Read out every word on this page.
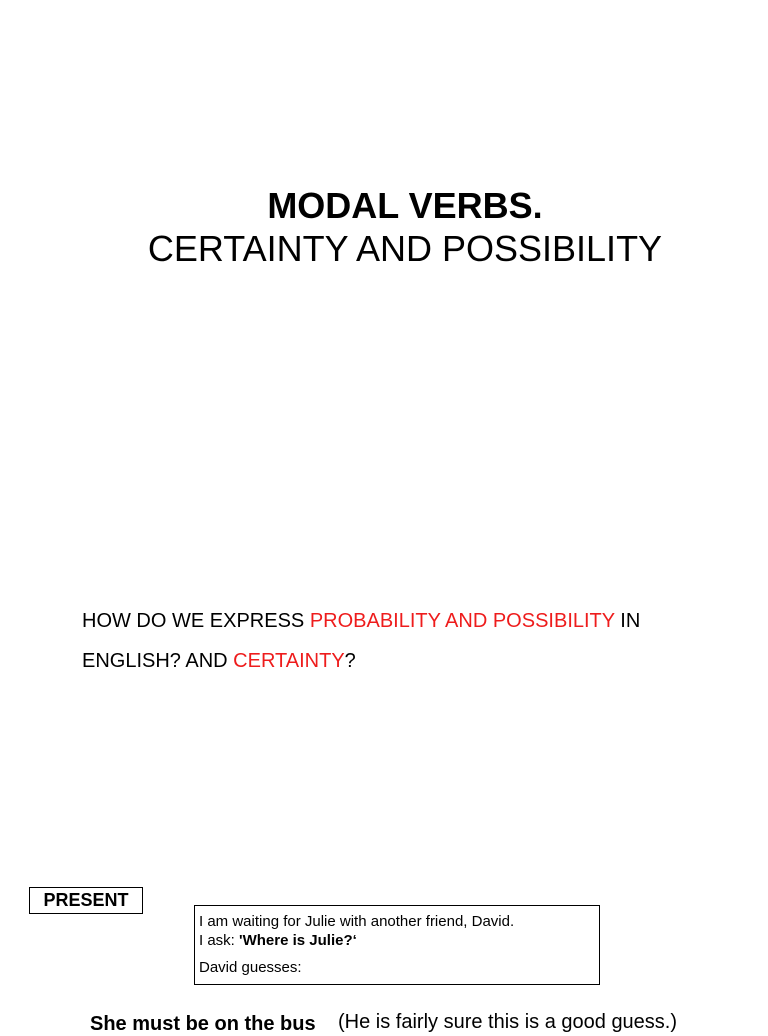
MODAL VERBS.
CERTAINTY AND POSSIBILITY

HOW DO WE EXPRESS PROBABILITY AND POSSIBILITY IN ENGLISH? AND CERTAINTY?

PRESENT
I am waiting for Julie with another friend, David.
I ask: 'Where is Julie?‘
David guesses:
She must be on the bus (He is fairly sure this is a good guess.)
